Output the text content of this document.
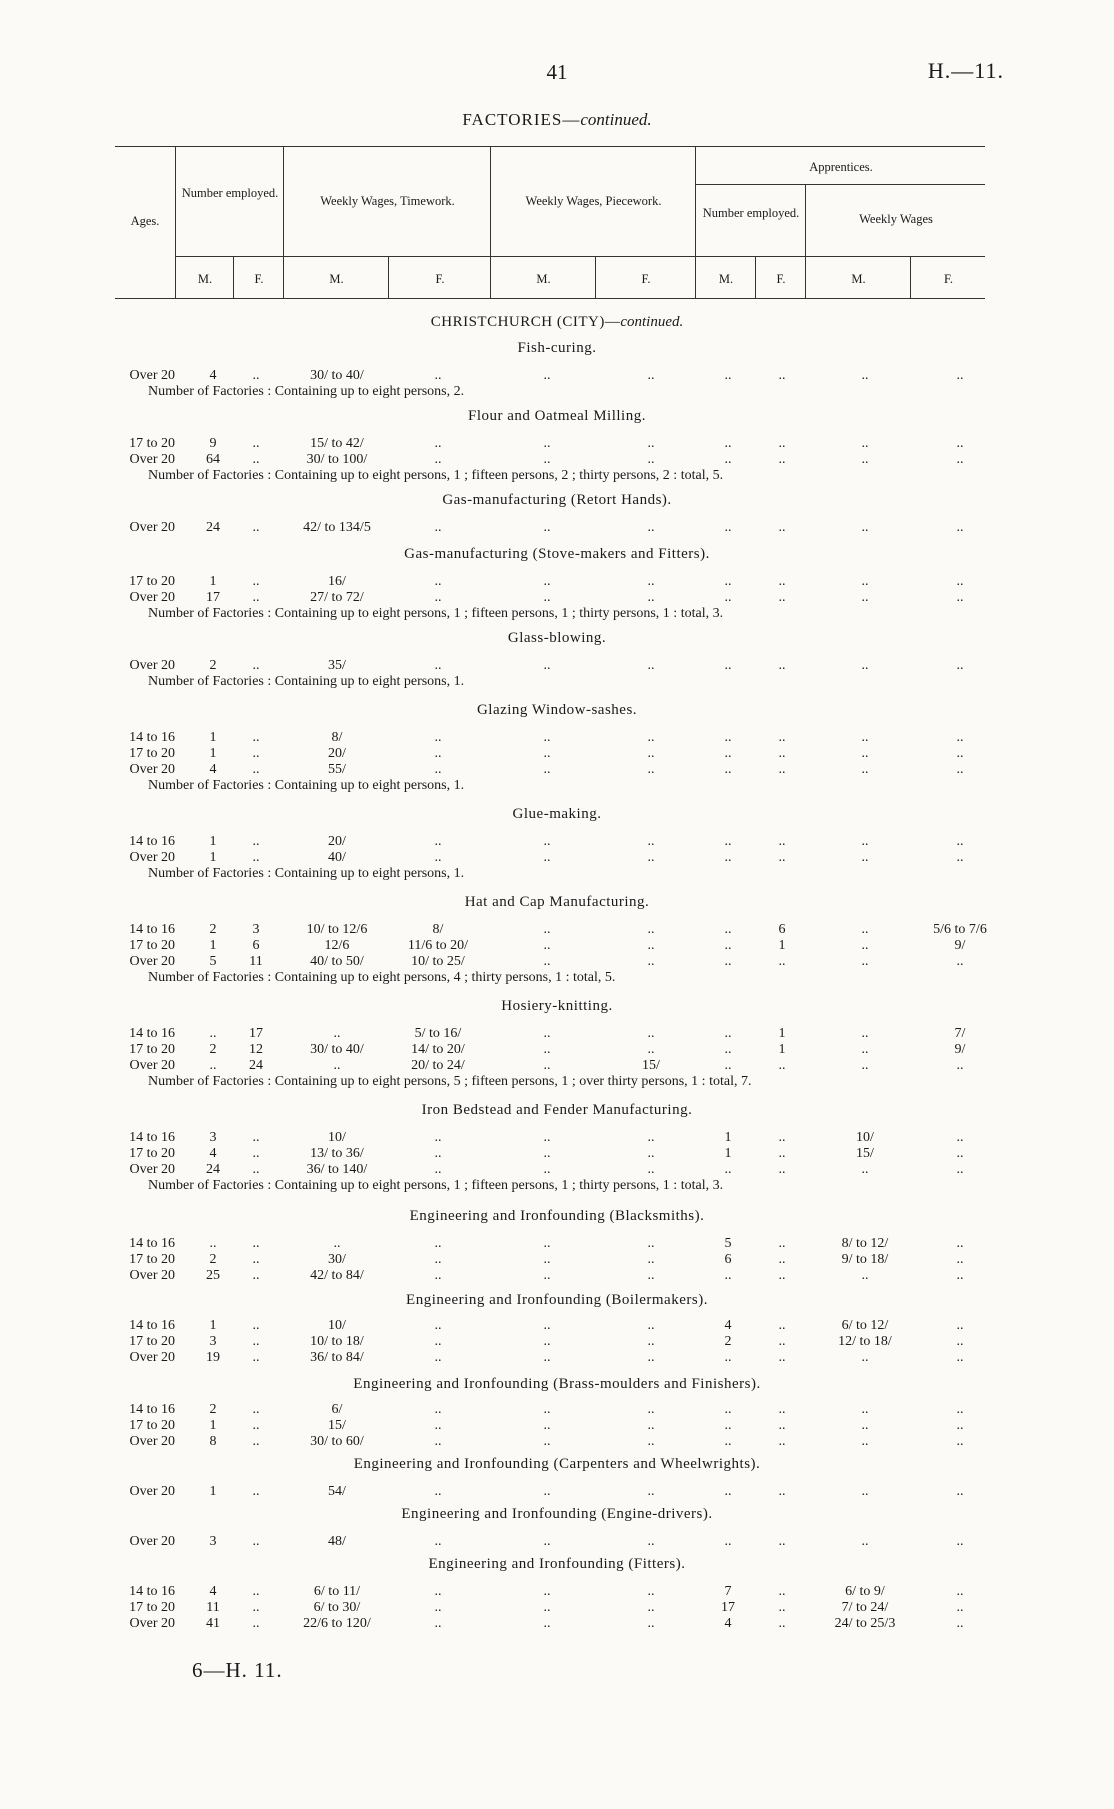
41	H.—11.
FACTORIES—continued.
Ages.
Number employed.
Weekly Wages, Timework.	Weekly Wages, Piecework.
Apprentices.
Number employed.	Weekly Wages
M.	F.	M.	F.	M.	F.	M.	F.	M.	F.
CHRISTCHURCH (CITY)—continued.
Fish-curing.
Over 20	4	..	30/ to 40/	..	..	..	..	..	..	..
Number of Factories : Containing up to eight persons, 2.
Flour and Oatmeal Milling.
17 to 20	9	..	15/ to 42/	..	..	..	..	..	..	..
Over 20	64	..	30/ to 100/	..	..	..	..	..	..	..
Number of Factories : Containing up to eight persons, 1 ; fifteen persons, 2 ; thirty persons, 2 : total, 5.
Gas-manufacturing (Retort Hands).
Over 20	24	..	42/ to 134/5	..	..	..	..	..	..	..
Gas-manufacturing (Stove-makers and Fitters).
17 to 20	1	..	16/	..	..	..	..	..	..	..
Over 20	17	..	27/ to 72/	..	..	..	..	..	..	..
Number of Factories : Containing up to eight persons, 1 ; fifteen persons, 1 ; thirty persons, 1 : total, 3.
Glass-blowing.
Over 20	2	..	35/	..	..	..	..	..	..	..
Number of Factories : Containing up to eight persons, 1.
Glazing Window-sashes.
14 to 16	1	..	8/	..	..	..	..	..	..	..
17 to 20	1	..	20/	..	..	..	..	..	..	..
Over 20	4	..	55/	..	..	..	..	..	..	..
Number of Factories : Containing up to eight persons, 1.
Glue-making.
14 to 16	1	..	20/	..	..	..	..	..	..	..
Over 20	1	..	40/	..	..	..	..	..	..	..
Number of Factories : Containing up to eight persons, 1.
Hat and Cap Manufacturing.
14 to 16	2	3	10/ to 12/6	8/	..	..	..	6	..	5/6 to 7/6
17 to 20	1	6	12/6	11/6 to 20/	..	..	..	1	..	9/
Over 20	5	11	40/ to 50/	10/ to 25/	..	..	..	..	..	..
Number of Factories : Containing up to eight persons, 4 ; thirty persons, 1 : total, 5.
Hosiery-knitting.
14 to 16	..	17	..	5/ to 16/	..	..	..	1	..	7/
17 to 20	2	12	30/ to 40/	14/ to 20/	..	..	..	1	..	9/
Over 20	..	24	..	20/ to 24/	..	15/	..	..	..	..
Number of Factories : Containing up to eight persons, 5 ; fifteen persons, 1 ; over thirty persons, 1 : total, 7.
Iron Bedstead and Fender Manufacturing.
14 to 16	3	..	10/	..	..	..	1	..	10/	..
17 to 20	4	..	13/ to 36/	..	..	..	1	..	15/	..
Over 20	24	..	36/ to 140/	..	..	..	..	..	..	..
Number of Factories : Containing up to eight persons, 1 ; fifteen persons, 1 ; thirty persons, 1 : total, 3.
Engineering and Ironfounding (Blacksmiths).
14 to 16	..	..	..	..	..	..	5	..	8/ to 12/	..
17 to 20	2	..	30/	..	..	..	6	..	9/ to 18/	..
Over 20	25	..	42/ to 84/	..	..	..	..	..	..	..
Engineering and Ironfounding (Boilermakers).
14 to 16	1	..	10/	..	..	..	4	..	6/ to 12/	..
17 to 20	3	..	10/ to 18/	..	..	..	2	..	12/ to 18/	..
Over 20	19	..	36/ to 84/	..	..	..	..	..	..	..
Engineering and Ironfounding (Brass-moulders and Finishers).
14 to 16	2	..	6/	..	..	..	..	..	..	..
17 to 20	1	..	15/	..	..	..	..	..	..	..
Over 20	8	..	30/ to 60/	..	..	..	..	..	..	..
Engineering and Ironfounding (Carpenters and Wheelwrights).
Over 20	1	..	54/	..	..	..	..	..	..	..
Engineering and Ironfounding (Engine-drivers).
Over 20	3	..	48/	..	..	..	..	..	..	..
Engineering and Ironfounding (Fitters).
14 to 16	4	..	6/ to 11/	..	..	..	7	..	6/ to 9/	..
17 to 20	11	..	6/ to 30/	..	..	..	17	..	7/ to 24/	..
Over 20	41	..	22/6 to 120/	..	..	..	4	..	24/ to 25/3	..
6—H. 11.
